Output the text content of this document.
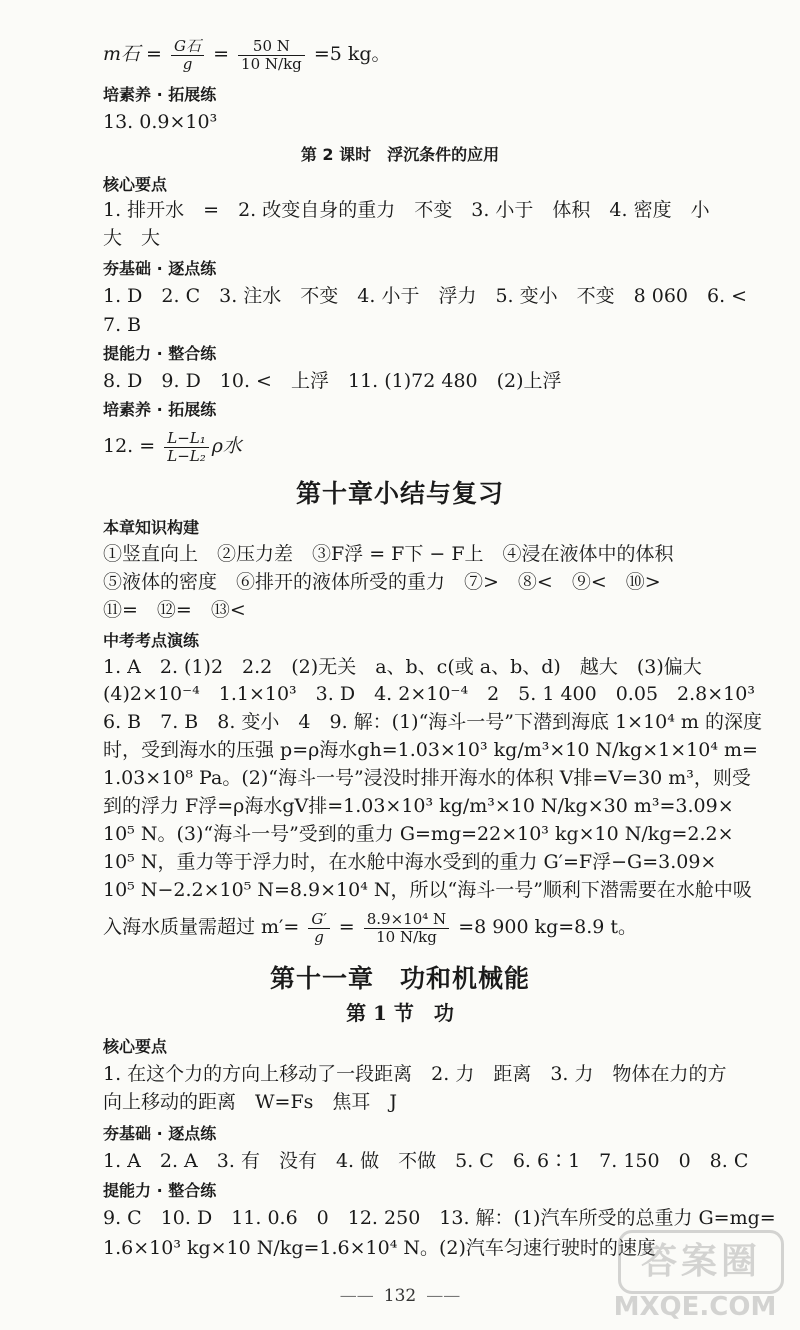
m石 = $\frac{\text{G石}}{g} = \frac{50 N}{10 N/kg} =5$ kg。
培素养 · 拓展练
13. 0.9×10³
第 2 课时　浮沉条件的应用
核心要点
1. 排开水　=　2. 改变自身的重力　不变　3. 小于　体积　4. 密度　小
大　大
夯基础 · 逐点练
1. D　2. C　3. 注水　不变　4. 小于　浮力　5. 变小　不变　8 060　6. <
7. B
提能力 · 整合练
8. D　9. D　10. <　上浮　11. (1)72 480　(2)上浮
培素养 · 拓展练
12. = $\frac{\text{L−L₁}}{\text{L−L₂}}$ ρ水
第十章小结与复习
本章知识构建
①竖直向上　②压力差　③F浮 = F下 − F上　④浸在液体中的体积
⑤液体的密度　⑥排开的液体所受的重力　⑦>　⑧<　⑨<　⑩>
⑪=　⑫=　⑬<
中考考点演练
1. A　2. (1)2　2.2　(2)无关　a、b、c(或 a、b、d)　越大　(3)偏大
(4)2×10⁻⁴　1.1×10³　3. D　4. 2×10⁻⁴　2　5. 1 400　0.05　2.8×10³
6. B　7. B　8. 变小　4　9. 解：(1)“海斗一号”下潜到海底 1×10⁴ m 的深度
时，受到海水的压强 p=ρ海水gh=1.03×10³ kg/m³×10 N/kg×1×10⁴ m=
1.03×10⁸ Pa。(2)“海斗一号”浸没时排开海水的体积 V排=V=30 m³，则受
到的浮力 F浮=ρ海水gV排=1.03×10³ kg/m³×10 N/kg×30 m³=3.09×
10⁵ N。(3)“海斗一号”受到的重力 G=mg=22×10³ kg×10 N/kg=2.2×
10⁵ N，重力等于浮力时，在水舱中海水受到的重力 G′=F浮−G=3.09×
10⁵ N−2.2×10⁵ N=8.9×10⁴ N，所以“海斗一号”顺利下潜需要在水舱中吸
入海水质量需超过 $m'= \frac{G'}{g} = \frac{\text{8.9×10⁴ N}}{10 N/kg} =8$ 900 kg=8.9 t。
第十一章　功和机械能
第 1 节　功
核心要点
1. 在这个力的方向上移动了一段距离　2. 力　距离　3. 力　物体在力的方
向上移动的距离　W=Fs　焦耳　J
夯基础 · 逐点练
1. A　2. A　3. 有　没有　4. 做　不做　5. C　6. 6∶1　7. 150　0　8. C
提能力 · 整合练
9. C　10. D　11. 0.6　0　12. 250　13. 解：(1)汽车所受的总重力 G=mg=
1.6×10³ kg×10 N/kg=1.6×10⁴ N。(2)汽车匀速行驶时的速度
—— 132 ——
答案圈
MXQE.COM
